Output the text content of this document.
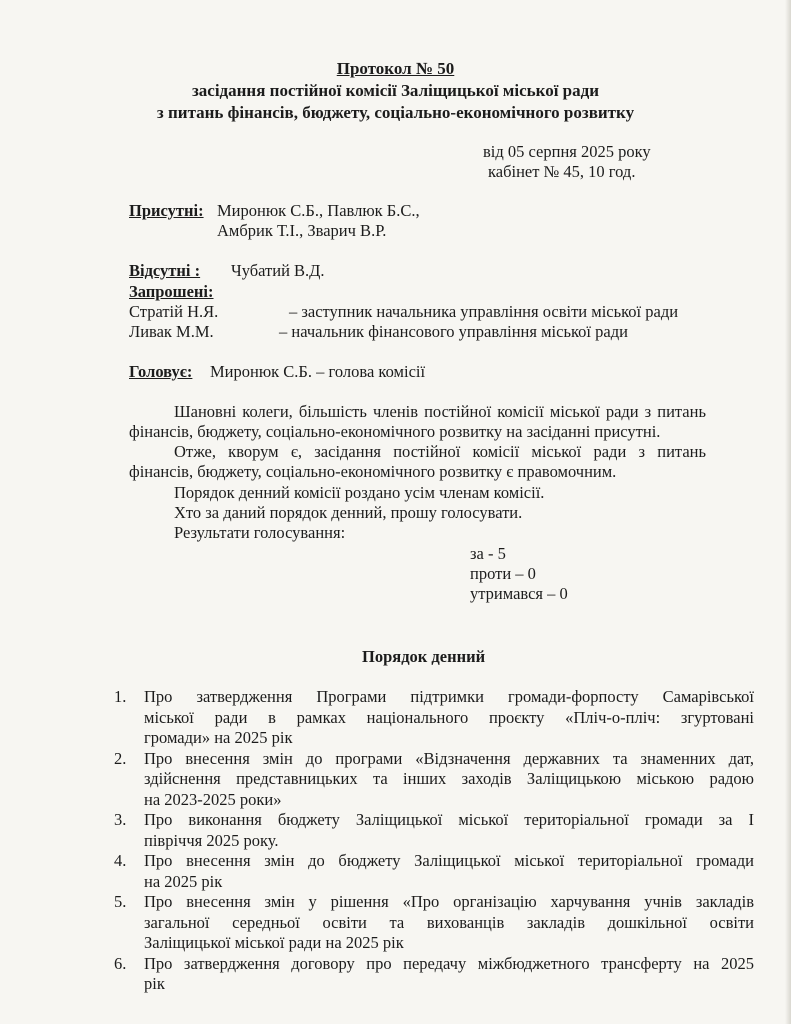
Протокол № 50
засідання постійної комісії Заліщицької міської ради
з питань фінансів, бюджету, соціально-економічного розвитку
від 05 серпня 2025 року
кабінет № 45, 10 год.
Присутні: Миронюк С.Б., Павлюк Б.С.,
Амбрик Т.І., Зварич В.Р.
Відсутні : Чубатий В.Д.
Запрошені:
Стратій Н.Я.	– заступник начальника управління освіти міської ради
Ливак М.М.	– начальник фінансового управління міської ради
Головує: Миронюк С.Б. – голова комісії
Шановні колеги, більшість членів постійної комісії міської ради з питань
фінансів, бюджету, соціально-економічного розвитку на засіданні присутні.
Отже, кворум є, засідання постійної комісії міської ради з питань
фінансів, бюджету, соціально-економічного розвитку є правомочним.
Порядок денний комісії роздано усім членам комісії.
Хто за даний порядок денний, прошу голосувати.
Результати голосування:
за - 5
проти – 0
утримався – 0
Порядок денний
1.	Про затвердження Програми підтримки громади-форпосту Самарівської
міської ради в рамках національного проєкту «Пліч-о-пліч: згуртовані
громади» на 2025 рік
2.	Про внесення змін до програми «Відзначення державних та знаменних дат,
здійснення представницьких та інших заходів Заліщицькою міською радою
на 2023-2025 роки»
3.	Про виконання бюджету Заліщицької міської територіальної громади за І
півріччя 2025 року.
4.	Про внесення змін до бюджету Заліщицької міської територіальної громади
на 2025 рік
5.	Про внесення змін у рішення «Про організацію харчування учнів закладів
загальної середньої освіти та вихованців закладів дошкільної освіти
Заліщицької міської ради на 2025 рік
6.	Про затвердження договору про передачу міжбюджетного трансферту на 2025
рік
